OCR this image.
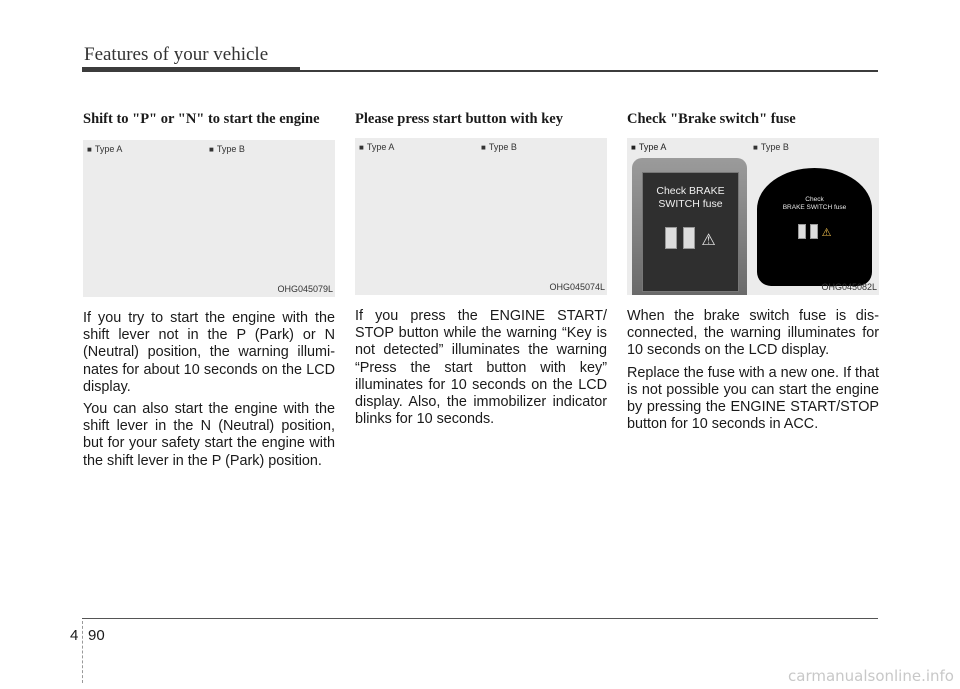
Features of your vehicle

Shift to "P" or "N" to start the engine

■ Type A	■ Type B
OHG045079L

If you try to start the engine with the shift lever not in the P (Park) or N (Neutral) position, the warning illuminates for about 10 seconds on the LCD display.

You can also start the engine with the shift lever in the N (Neutral) position, but for your safety start the engine with the shift lever in the P (Park) position.

Please press start button with key

■ Type A	■ Type B
OHG045074L

If you press the ENGINE START/ STOP button while the warning “Key is not detected” illuminates the warning “Press the start button with key” illuminates for 10 seconds on the LCD display. Also, the immobilizer indicator blinks for 10 seconds.

Check "Brake switch" fuse

Check BRAKE SWITCH fuse
⚠
Check
BRAKE SWITCH fuse
⚠
■ Type A	■ Type B
OHG045082L

When the brake switch fuse is disconnected, the warning illuminates for 10 seconds on the LCD display.

Replace the fuse with a new one. If that is not possible you can start the engine by pressing the ENGINE START/STOP button for 10 seconds in ACC.

4 90
carmanualsonline.info
